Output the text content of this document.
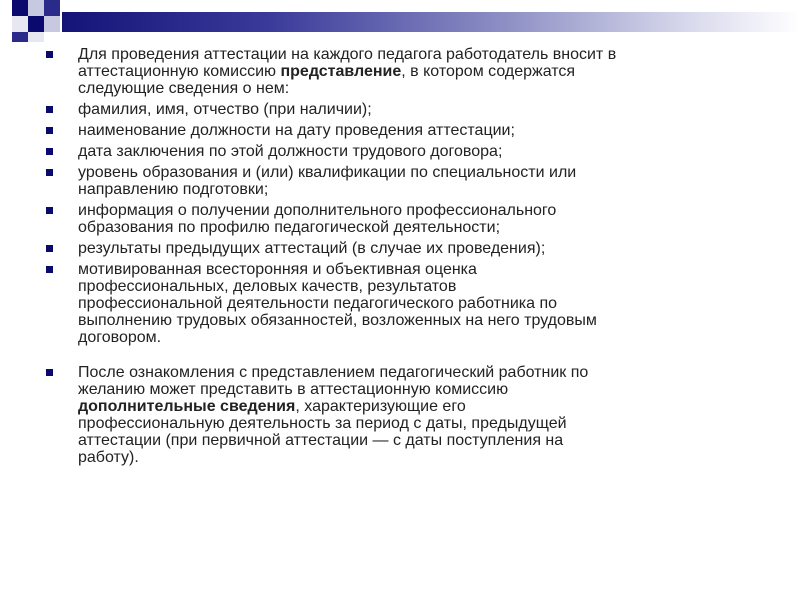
Для проведения аттестации на каждого педагога работодатель вносит в
аттестационную комиссию представление, в котором содержатся
следующие сведения о нем:
фамилия, имя, отчество (при наличии);
наименование должности на дату проведения аттестации;
дата заключения по этой должности трудового договора;
уровень образования и (или) квалификации по специальности или
направлению подготовки;
информация о получении дополнительного профессионального
образования по профилю педагогической деятельности;
результаты предыдущих аттестаций (в случае их проведения);
мотивированная всесторонняя и объективная оценка
профессиональных, деловых качеств, результатов
профессиональной деятельности педагогического работника по
выполнению трудовых обязанностей, возложенных на него трудовым
договором.
После ознакомления с представлением педагогический работник по
желанию может представить в аттестационную комиссию
дополнительные сведения, характеризующие его
профессиональную деятельность за период с даты, предыдущей
аттестации (при первичной аттестации — с даты поступления на
работу).
